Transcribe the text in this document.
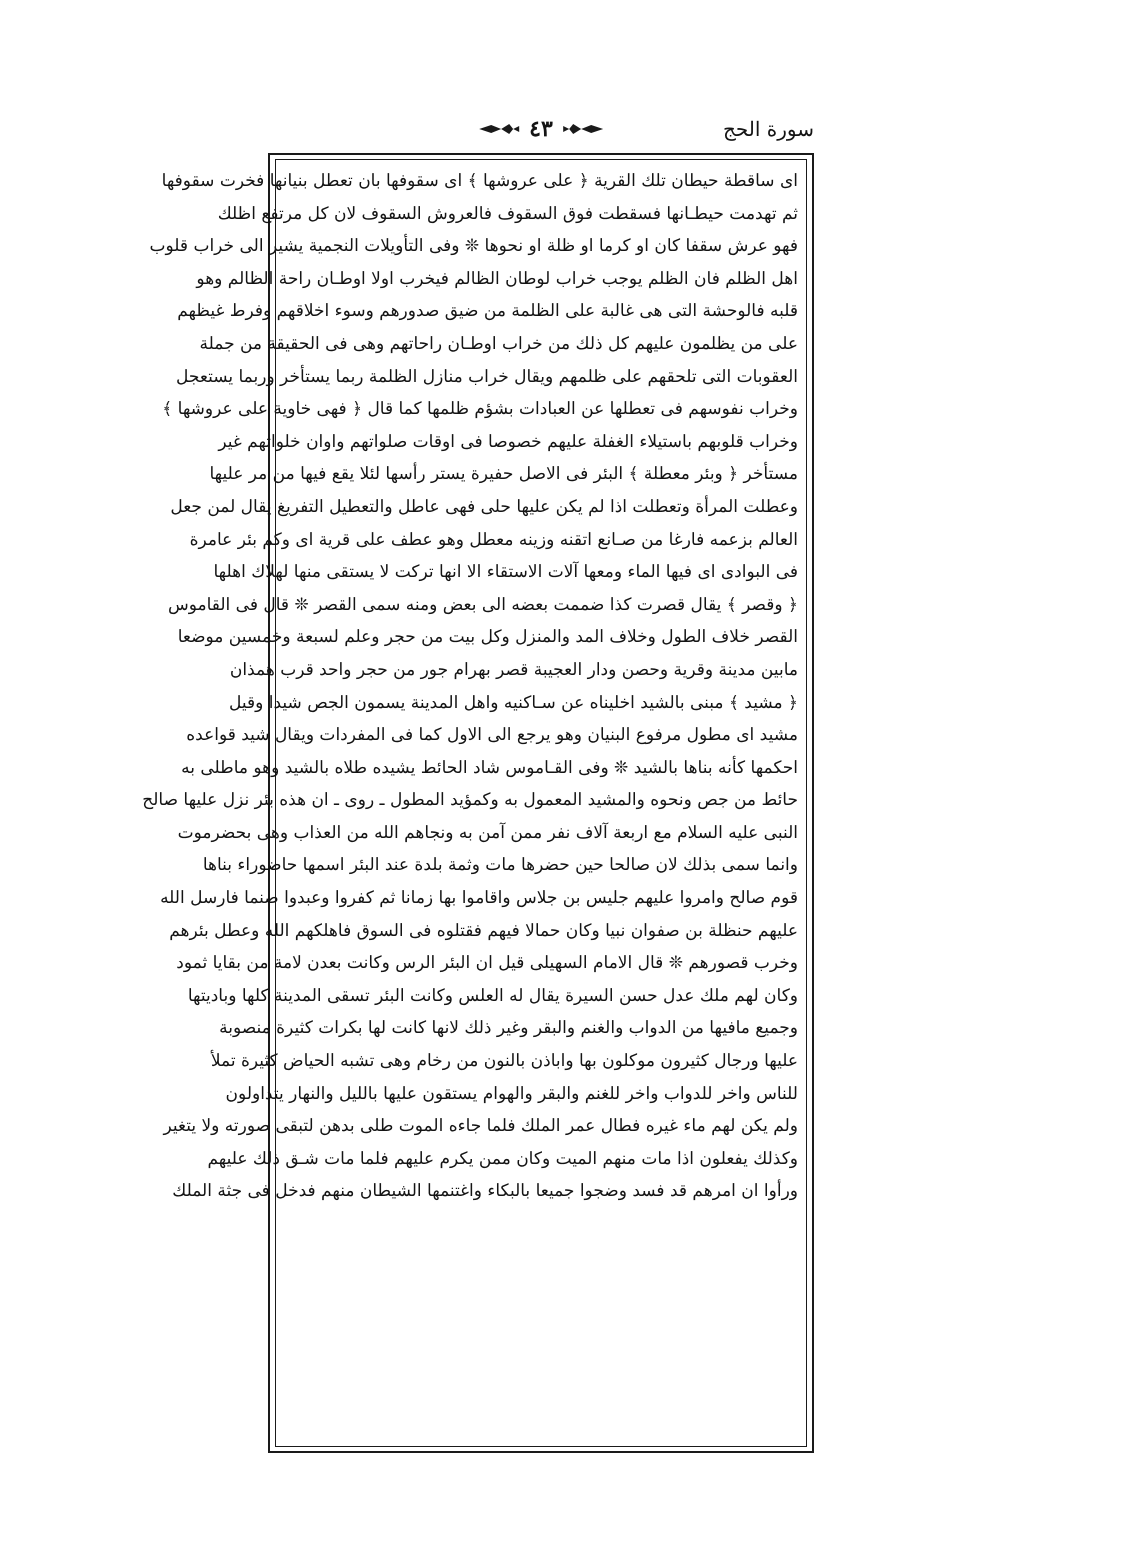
سورة الحج
٤٣
اى ساقطة حيطان تلك القرية ﴿ على عروشها ﴾ اى سقوفها بان تعطل بنيانها فخرت سقوفها
ثم تهدمت حيطـانها فسقطت فوق السقوف فالعروش السقوف لان كل مرتفع اظلك
فهو عرش سقفا كان او كرما او ظلة او نحوها ❊ وفى التأويلات النجمية يشير الى خراب قلوب
اهل الظلم فان الظلم يوجب خراب لوطان الظالم فيخرب اولا اوطـان راحة الظالم وهو
قلبه فالوحشة التى هى غالبة على الظلمة من ضيق صدورهم وسوء اخلاقهم وفرط غيظهم
على من يظلمون عليهم كل ذلك من خراب اوطـان راحاتهم وهى فى الحقيقة من جملة
العقوبات التى تلحقهم على ظلمهم ويقال خراب منازل الظلمة ربما يستأخر وربما يستعجل
وخراب نفوسهم فى تعطلها عن العبادات بشؤم ظلمها كما قال ﴿ فهى خاوية على عروشها ﴾
وخراب قلوبهم باستيلاء الغفلة عليهم خصوصا فى اوقات صلواتهم واوان خلواتهم غير
مستأخر ﴿ وبئر معطلة ﴾ البئر فى الاصل حفيرة يستر رأسها لئلا يقع فيها من مر عليها
وعطلت المرأة وتعطلت اذا لم يكن عليها حلى فهى عاطل والتعطيل التفريغ يقال لمن جعل
العالم بزعمه فارغا من صـانع اتقنه وزينه معطل وهو عطف على قرية اى وكم بئر عامرة
فى البوادى اى فيها الماء ومعها آلات الاستقاء الا انها تركت لا يستقى منها لهلاك اهلها
﴿ وقصر ﴾ يقال قصرت كذا ضممت بعضه الى بعض ومنه سمى القصر ❊ قال فى القاموس
القصر خلاف الطول وخلاف المد والمنزل وكل بيت من حجر وعلم لسبعة وخمسين موضعا
مابين مدينة وقرية وحصن ودار العجيبة قصر بهرام جور من حجر واحد قرب همذان
﴿ مشيد ﴾ مبنى بالشيد اخليناه عن سـاكنيه واهل المدينة يسمون الجص شيدا وقيل
مشيد اى مطول مرفوع البنيان وهو يرجع الى الاول كما فى المفردات ويقال شيد قواعده
احكمها كأنه بناها بالشيد ❊ وفى القـاموس شاد الحائط يشيده طلاه بالشيد وهو ماطلى به
حائط من جص ونحوه والمشيد المعمول به وكمؤيد المطول ـ روى ـ ان هذه بئر نزل عليها صالح
النبى عليه السلام مع اربعة آلاف نفر ممن آمن به ونجاهم الله من العذاب وهى بحضرموت
وانما سمى بذلك لان صالحا حين حضرها مات وثمة بلدة عند البئر اسمها حاضوراء بناها
قوم صالح وامروا عليهم جليس بن جلاس واقاموا بها زمانا ثم كفروا وعبدوا صنما فارسل الله
عليهم حنظلة بن صفوان نبيا وكان حمالا فيهم فقتلوه فى السوق فاهلكهم الله وعطل بئرهم
وخرب قصورهم ❊ قال الامام السهيلى قيل ان البئر الرس وكانت بعدن لامة من بقايا ثمود
وكان لهم ملك عدل حسن السيرة يقال له العلس وكانت البئر تسقى المدينة كلها وباديتها
وجميع مافيها من الدواب والغنم والبقر وغير ذلك لانها كانت لها بكرات كثيرة منصوبة
عليها ورجال كثيرون موكلون بها واباذن بالنون من رخام وهى تشبه الحياض كثيرة تملأ
للناس واخر للدواب واخر للغنم والبقر والهوام يستقون عليها بالليل والنهار يتداولون
ولم يكن لهم ماء غيره فطال عمر الملك فلما جاءه الموت طلى بدهن لتبقى صورته ولا يتغير
وكذلك يفعلون اذا مات منهم الميت وكان ممن يكرم عليهم فلما مات شـق ذلك عليهم
ورأوا ان امرهم قد فسد وضجوا جميعا بالبكاء واغتنمها الشيطان منهم فدخل فى جثة الملك
